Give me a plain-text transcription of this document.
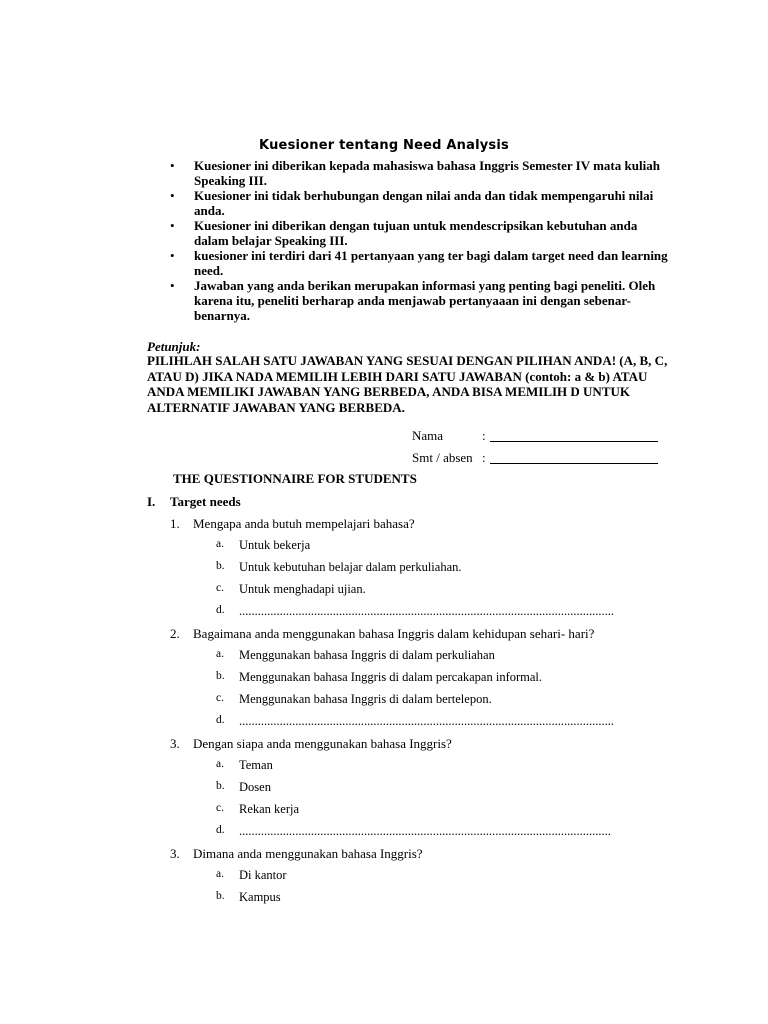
Kuesioner tentang Need Analysis
• Kuesioner ini diberikan kepada mahasiswa bahasa Inggris Semester IV mata kuliah Speaking III.
• Kuesioner ini tidak berhubungan dengan nilai anda dan tidak mempengaruhi nilai anda.
• Kuesioner ini diberikan dengan tujuan untuk mendescripsikan kebutuhan anda dalam belajar Speaking III.
• kuesioner ini terdiri dari 41 pertanyaan yang ter bagi dalam target need dan learning need.
• Jawaban yang anda berikan merupakan informasi yang penting bagi peneliti. Oleh karena itu, peneliti berharap anda menjawab pertanyaaan ini dengan sebenar- benarnya.
Petunjuk:
PILIHLAH SALAH SATU JAWABAN YANG SESUAI DENGAN PILIHAN ANDA! (A, B, C, ATAU D) JIKA NADA MEMILIH LEBIH DARI SATU JAWABAN (contoh: a & b) ATAU ANDA MEMILIKI JAWABAN YANG BERBEDA, ANDA BISA MEMILIH D UNTUK ALTERNATIF JAWABAN YANG BERBEDA.
Nama	:
Smt / absen :
THE QUESTIONNAIRE FOR STUDENTS
I. Target needs
1. Mengapa anda butuh mempelajari bahasa?
a. Untuk bekerja
b. Untuk kebutuhan belajar dalam perkuliahan.
c. Untuk menghadapi ujian.
d. ........................................................................................................................
2. Bagaimana anda menggunakan bahasa Inggris dalam kehidupan sehari- hari?
a. Menggunakan bahasa Inggris di dalam perkuliahan
b. Menggunakan bahasa Inggris di dalam percakapan informal.
c. Menggunakan bahasa Inggris di dalam bertelepon.
d. ........................................................................................................................
3. Dengan siapa anda menggunakan bahasa Inggris?
a. Teman
b. Dosen
c. Rekan kerja
d. .......................................................................................................................
3. Dimana anda menggunakan bahasa Inggris?
a. Di kantor
b. Kampus
